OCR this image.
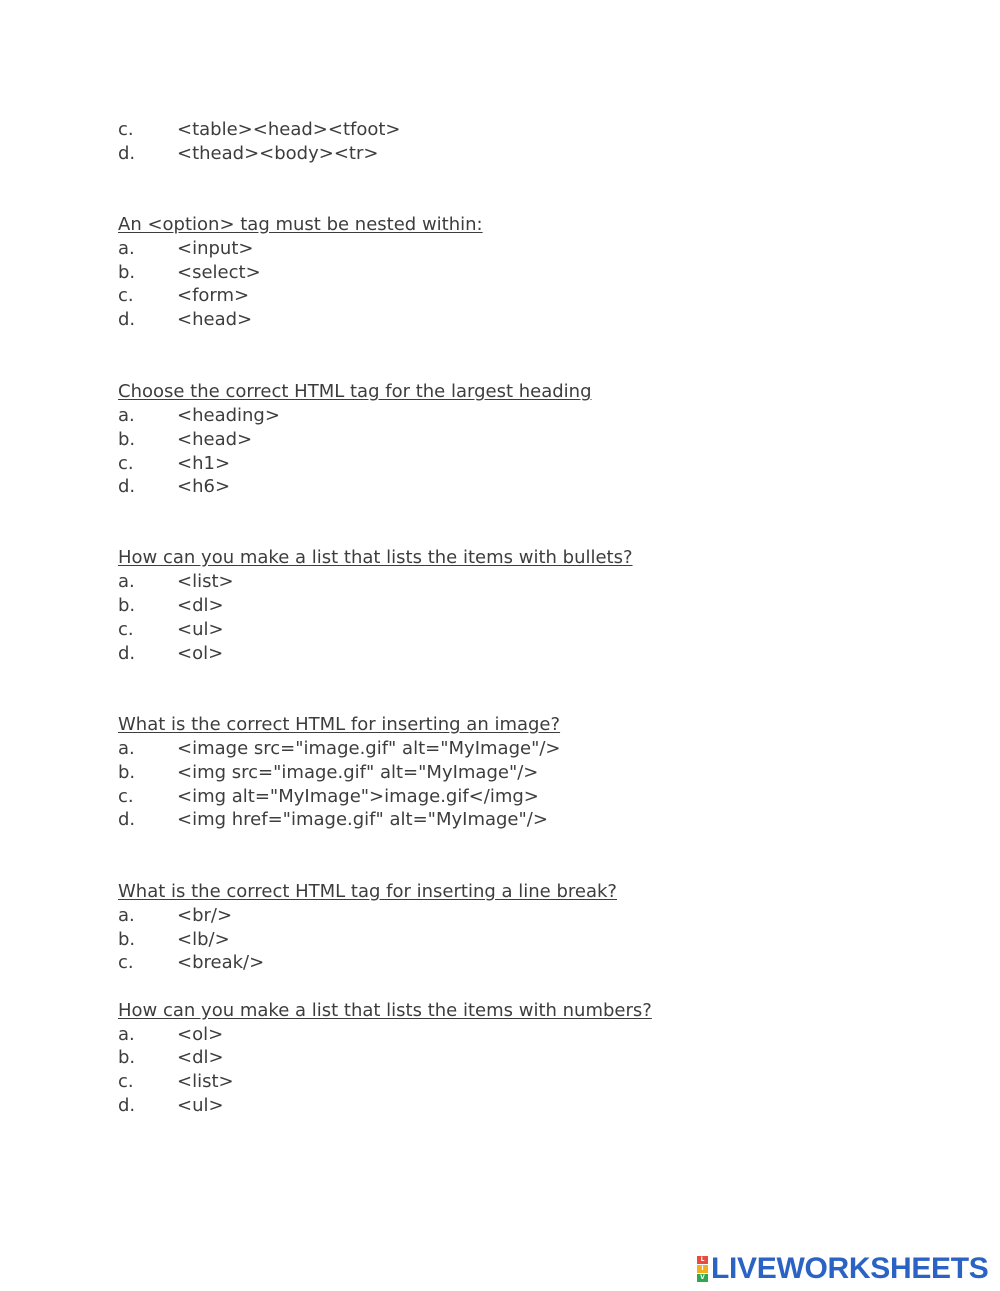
c. <table><head><tfoot>
d. <thead><body><tr>
An <option> tag must be nested within:
a. <input>
b. <select>
c. <form>
d. <head>
Choose the correct HTML tag for the largest heading
a. <heading>
b. <head>
c. <h1>
d. <h6>
How can you make a list that lists the items with bullets?
a. <list>
b. <dl>
c. <ul>
d. <ol>
What is the correct HTML for inserting an image?
a. <image src="image.gif" alt="MyImage"/>
b. <img src="image.gif" alt="MyImage"/>
c. <img alt="MyImage">image.gif</img>
d. <img href="image.gif" alt="MyImage"/>
What is the correct HTML tag for inserting a line break?
a. <br/>
b. <lb/>
c. <break/>
How can you make a list that lists the items with numbers?
a. <ol>
b. <dl>
c. <list>
d. <ul>
L
I
V LIVEWORKSHEETS
